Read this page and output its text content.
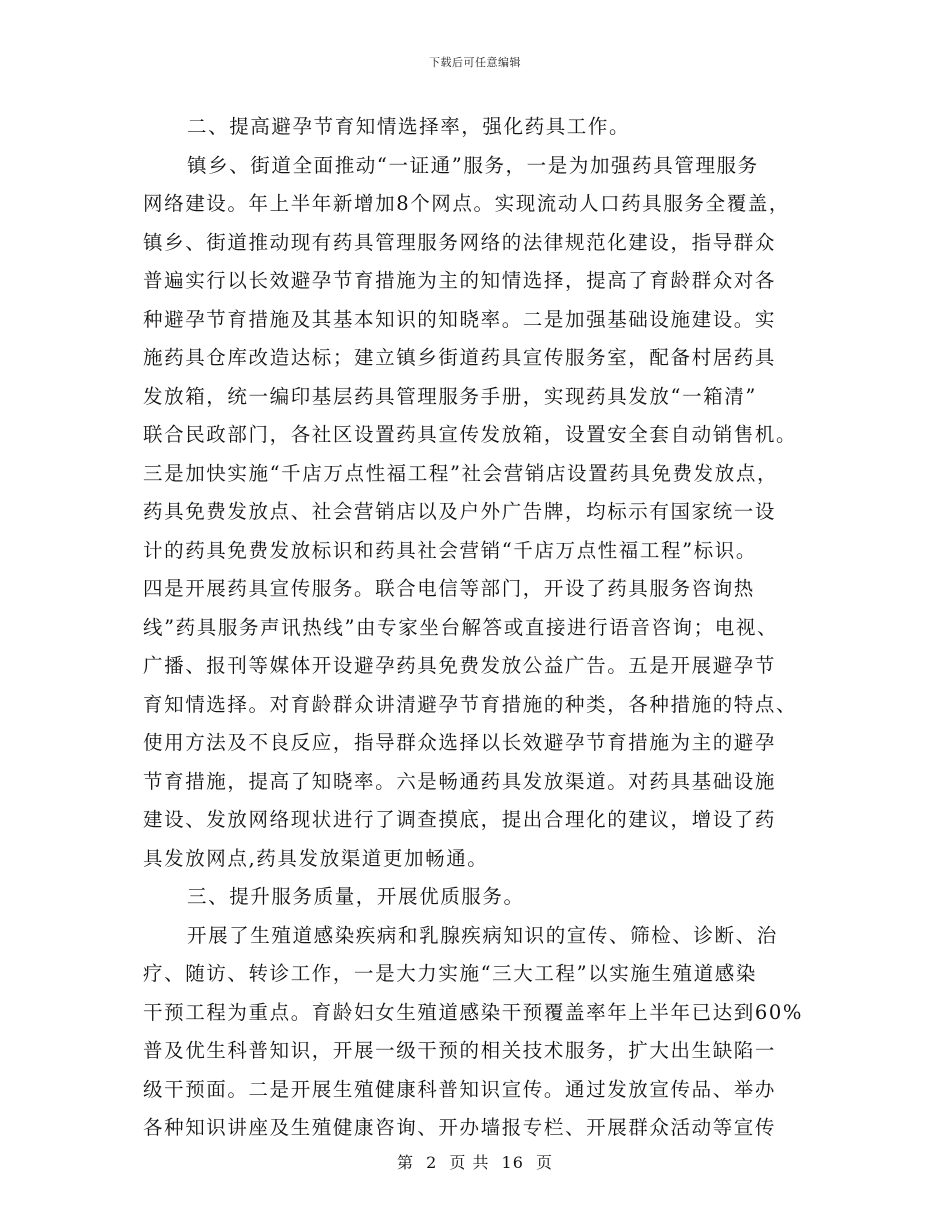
下载后可任意编辑
二、提高避孕节育知情选择率，强化药具工作。
镇乡、街道全面推动“一证通”服务，一是为加强药具管理服务
网络建设。年上半年新增加8个网点。实现流动人口药具服务全覆盖，
镇乡、街道推动现有药具管理服务网络的法律规范化建设，指导群众
普遍实行以长效避孕节育措施为主的知情选择，提高了育龄群众对各
种避孕节育措施及其基本知识的知晓率。二是加强基础设施建设。实
施药具仓库改造达标；建立镇乡街道药具宣传服务室，配备村居药具
发放箱，统一编印基层药具管理服务手册，实现药具发放“一箱清”
联合民政部门，各社区设置药具宣传发放箱，设置安全套自动销售机。
三是加快实施“千店万点性福工程”社会营销店设置药具免费发放点，
药具免费发放点、社会营销店以及户外广告牌，均标示有国家统一设
计的药具免费发放标识和药具社会营销“千店万点性福工程”标识。
四是开展药具宣传服务。联合电信等部门，开设了药具服务咨询热
线”药具服务声讯热线”由专家坐台解答或直接进行语音咨询；电视、
广播、报刊等媒体开设避孕药具免费发放公益广告。五是开展避孕节
育知情选择。对育龄群众讲清避孕节育措施的种类，各种措施的特点、
使用方法及不良反应，指导群众选择以长效避孕节育措施为主的避孕
节育措施，提高了知晓率。六是畅通药具发放渠道。对药具基础设施
建设、发放网络现状进行了调查摸底，提出合理化的建议，增设了药
具发放网点,药具发放渠道更加畅通。
三、提升服务质量，开展优质服务。
开展了生殖道感染疾病和乳腺疾病知识的宣传、筛检、诊断、治
疗、随访、转诊工作，一是大力实施“三大工程”以实施生殖道感染
干预工程为重点。育龄妇女生殖道感染干预覆盖率年上半年已达到60%
普及优生科普知识，开展一级干预的相关技术服务，扩大出生缺陷一
级干预面。二是开展生殖健康科普知识宣传。通过发放宣传品、举办
各种知识讲座及生殖健康咨询、开办墙报专栏、开展群众活动等宣传
第 2 页 共 16 页
